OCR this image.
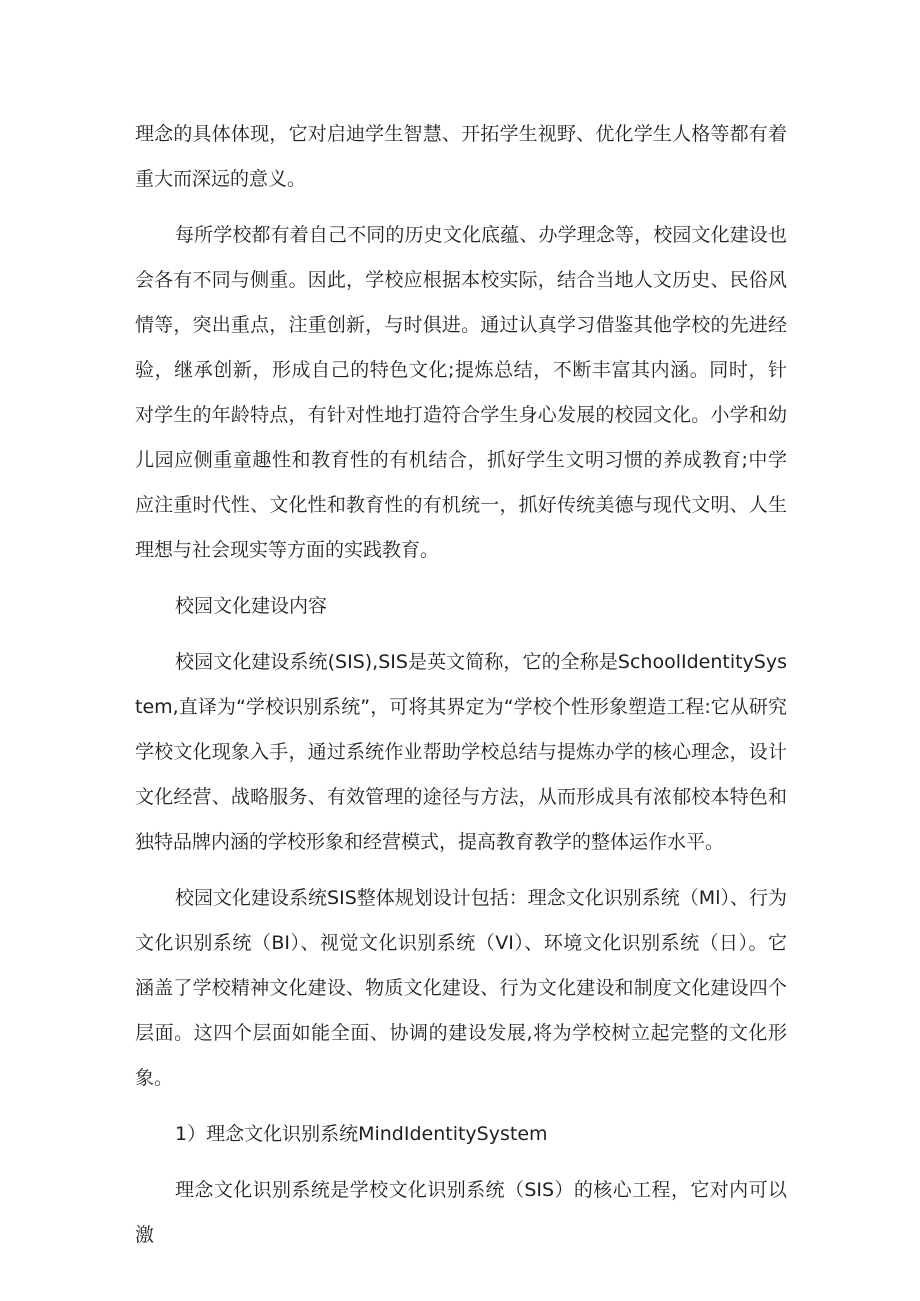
理念的具体体现，它对启迪学生智慧、开拓学生视野、优化学生人格等都有着重大而深远的意义。

每所学校都有着自己不同的历史文化底蕴、办学理念等，校园文化建设也会各有不同与侧重。因此，学校应根据本校实际，结合当地人文历史、民俗风情等，突出重点，注重创新，与时俱进。通过认真学习借鉴其他学校的先进经验，继承创新，形成自己的特色文化;提炼总结，不断丰富其内涵。同时，针对学生的年龄特点，有针对性地打造符合学生身心发展的校园文化。小学和幼儿园应侧重童趣性和教育性的有机结合，抓好学生文明习惯的养成教育;中学应注重时代性、文化性和教育性的有机统一，抓好传统美德与现代文明、人生理想与社会现实等方面的实践教育。

校园文化建设内容

校园文化建设系统(SIS),SIS是英文简称，它的全称是SchoolIdentitySystem,直译为“学校识别系统”，可将其界定为“学校个性形象塑造工程:它从研究学校文化现象入手，通过系统作业帮助学校总结与提炼办学的核心理念，设计文化经营、战略服务、有效管理的途径与方法，从而形成具有浓郁校本特色和独特品牌内涵的学校形象和经营模式，提高教育教学的整体运作水平。

校园文化建设系统SIS整体规划设计包括：理念文化识别系统（Ml）、行为文化识别系统（BI）、视觉文化识别系统（VI）、环境文化识别系统（日）。它涵盖了学校精神文化建设、物质文化建设、行为文化建设和制度文化建设四个层面。这四个层面如能全面、协调的建设发展,将为学校树立起完整的文化形象。

1）理念文化识别系统MindIdentitySystem

理念文化识别系统是学校文化识别系统（SIS）的核心工程，它对内可以激
